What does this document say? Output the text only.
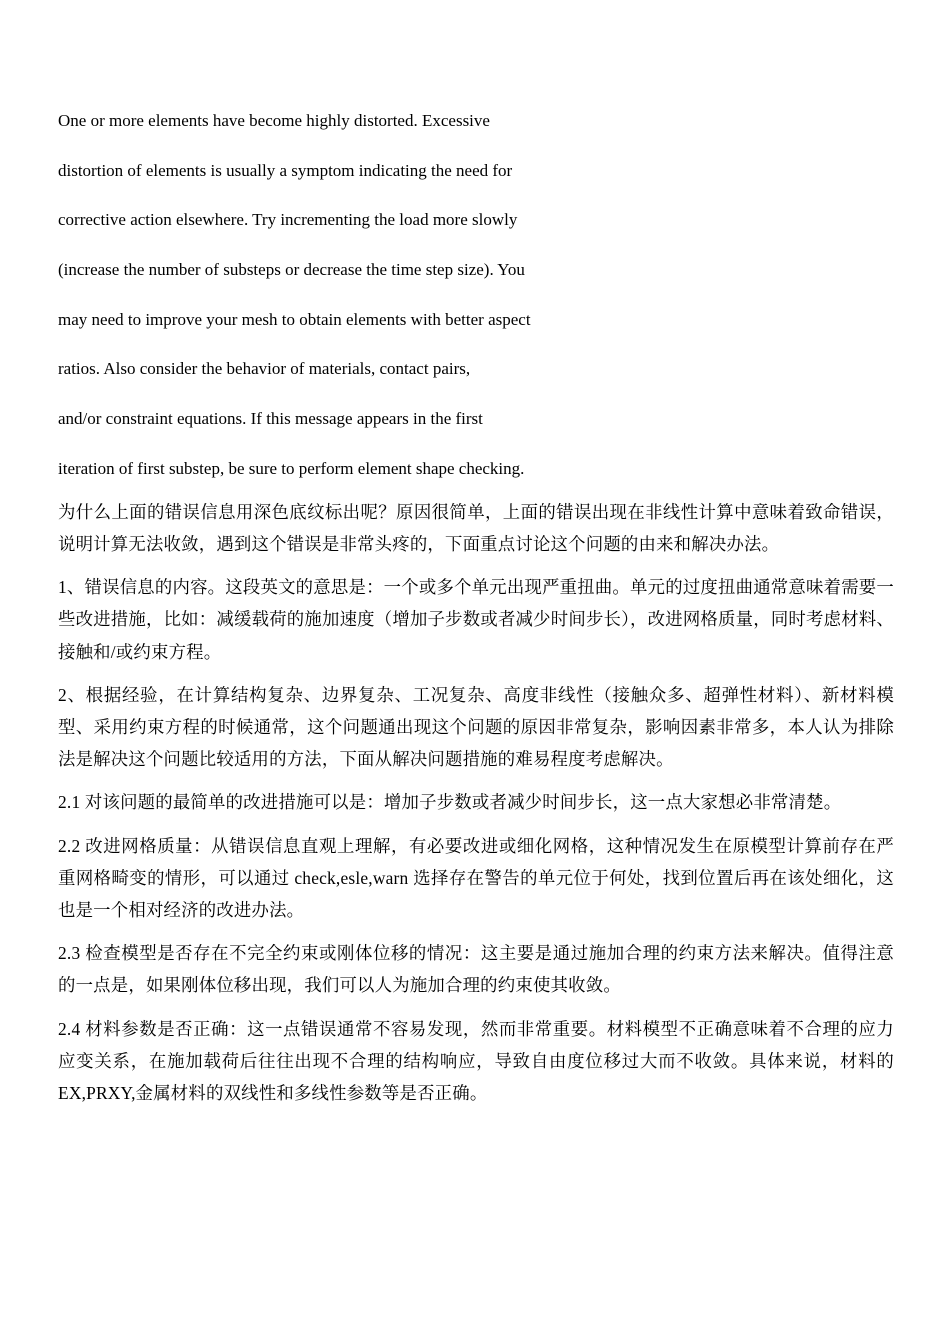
One or more elements have become highly distorted. Excessive
distortion of elements is usually a symptom indicating the need for
corrective action elsewhere. Try incrementing the load more slowly
(increase the number of substeps or decrease the time step size). You
may need to improve your mesh to obtain elements with better aspect
ratios. Also consider the behavior of materials, contact pairs,
and/or constraint equations. If this message appears in the first
iteration of first substep, be sure to perform element shape checking.

为什么上面的错误信息用深色底纹标出呢？原因很简单，上面的错误出现在非线性计算中意味着致命错误，说明计算无法收敛，遇到这个错误是非常头疼的，下面重点讨论这个问题的由来和解决办法。

1、错误信息的内容。这段英文的意思是：一个或多个单元出现严重扭曲。单元的过度扭曲通常意味着需要一些改进措施，比如：减缓载荷的施加速度（增加子步数或者减少时间步长），改进网格质量，同时考虑材料、接触和/或约束方程。

2、根据经验，在计算结构复杂、边界复杂、工况复杂、高度非线性（接触众多、超弹性材料）、新材料模型、采用约束方程的时候通常，这个问题通出现这个问题的原因非常复杂，影响因素非常多，本人认为排除法是解决这个问题比较适用的方法，下面从解决问题措施的难易程度考虑解决。

2.1 对该问题的最简单的改进措施可以是：增加子步数或者减少时间步长，这一点大家想必非常清楚。

2.2 改进网格质量：从错误信息直观上理解，有必要改进或细化网格，这种情况发生在原模型计算前存在严重网格畸变的情形，可以通过 check,esle,warn 选择存在警告的单元位于何处，找到位置后再在该处细化，这也是一个相对经济的改进办法。

2.3 检查模型是否存在不完全约束或刚体位移的情况：这主要是通过施加合理的约束方法来解决。值得注意的一点是，如果刚体位移出现，我们可以人为施加合理的约束使其收敛。

2.4 材料参数是否正确：这一点错误通常不容易发现，然而非常重要。材料模型不正确意味着不合理的应力应变关系，在施加载荷后往往出现不合理的结构响应，导致自由度位移过大而不收敛。具体来说，材料的 EX,PRXY,金属材料的双线性和多线性参数等是否正确。
